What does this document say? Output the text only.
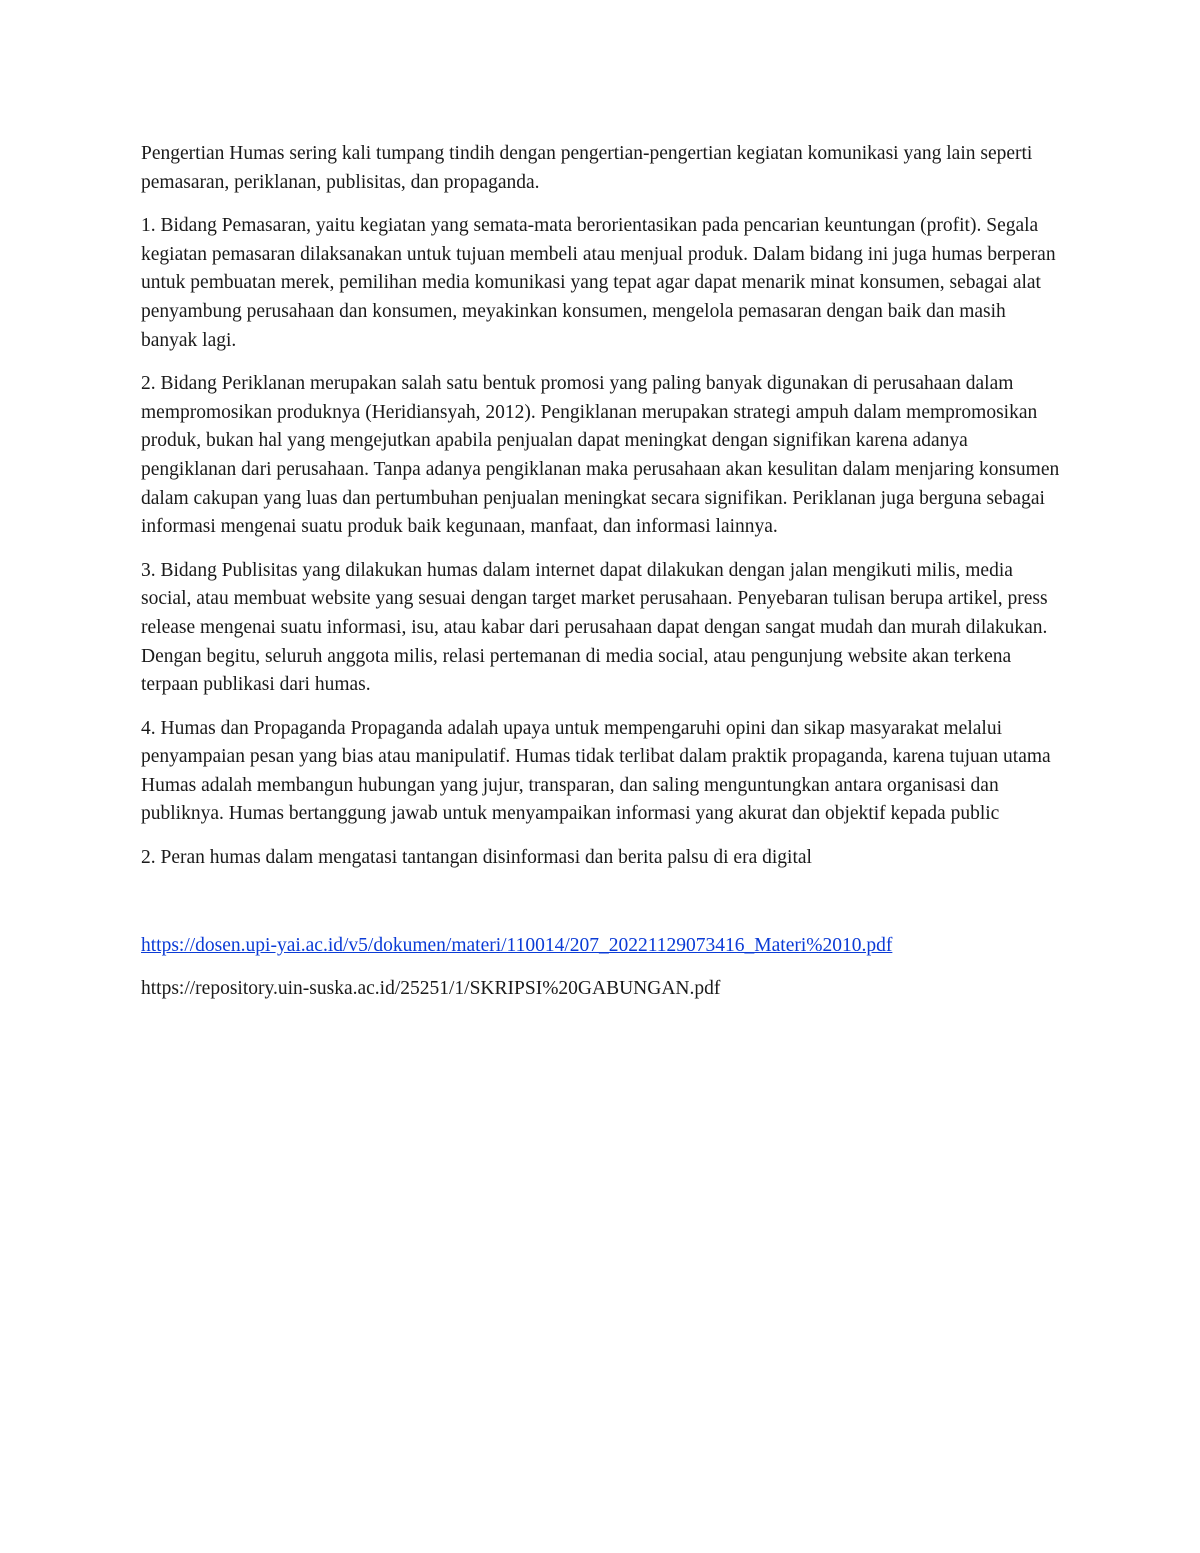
Pengertian Humas sering kali tumpang tindih dengan pengertian-pengertian kegiatan komunikasi yang lain seperti pemasaran, periklanan, publisitas, dan propaganda.

1. Bidang Pemasaran, yaitu kegiatan yang semata-mata berorientasikan pada pencarian keuntungan (profit). Segala kegiatan pemasaran dilaksanakan untuk tujuan membeli atau menjual produk. Dalam bidang ini juga humas berperan untuk pembuatan merek, pemilihan media komunikasi yang tepat agar dapat menarik minat konsumen, sebagai alat penyambung perusahaan dan konsumen, meyakinkan konsumen, mengelola pemasaran dengan baik dan masih banyak lagi.

2. Bidang Periklanan merupakan salah satu bentuk promosi yang paling banyak digunakan di perusahaan dalam mempromosikan produknya (Heridiansyah, 2012). Pengiklanan merupakan strategi ampuh dalam mempromosikan produk, bukan hal yang mengejutkan apabila penjualan dapat meningkat dengan signifikan karena adanya pengiklanan dari perusahaan. Tanpa adanya pengiklanan maka perusahaan akan kesulitan dalam menjaring konsumen dalam cakupan yang luas dan pertumbuhan penjualan meningkat secara signifikan. Periklanan juga berguna sebagai informasi mengenai suatu produk baik kegunaan, manfaat, dan informasi lainnya.

3. Bidang Publisitas yang dilakukan humas dalam internet dapat dilakukan dengan jalan mengikuti milis, media social, atau membuat website yang sesuai dengan target market perusahaan. Penyebaran tulisan berupa artikel, press release mengenai suatu informasi, isu, atau kabar dari perusahaan dapat dengan sangat mudah dan murah dilakukan. Dengan begitu, seluruh anggota milis, relasi pertemanan di media social, atau pengunjung website akan terkena terpaan publikasi dari humas.

4. Humas dan Propaganda Propaganda adalah upaya untuk mempengaruhi opini dan sikap masyarakat melalui penyampaian pesan yang bias atau manipulatif. Humas tidak terlibat dalam praktik propaganda, karena tujuan utama Humas adalah membangun hubungan yang jujur, transparan, dan saling menguntungkan antara organisasi dan publiknya. Humas bertanggung jawab untuk menyampaikan informasi yang akurat dan objektif kepada public

2. Peran humas dalam mengatasi tantangan disinformasi dan berita palsu di era digital

https://dosen.upi-yai.ac.id/v5/dokumen/materi/110014/207_20221129073416_Materi%2010.pdf

https://repository.uin-suska.ac.id/25251/1/SKRIPSI%20GABUNGAN.pdf
